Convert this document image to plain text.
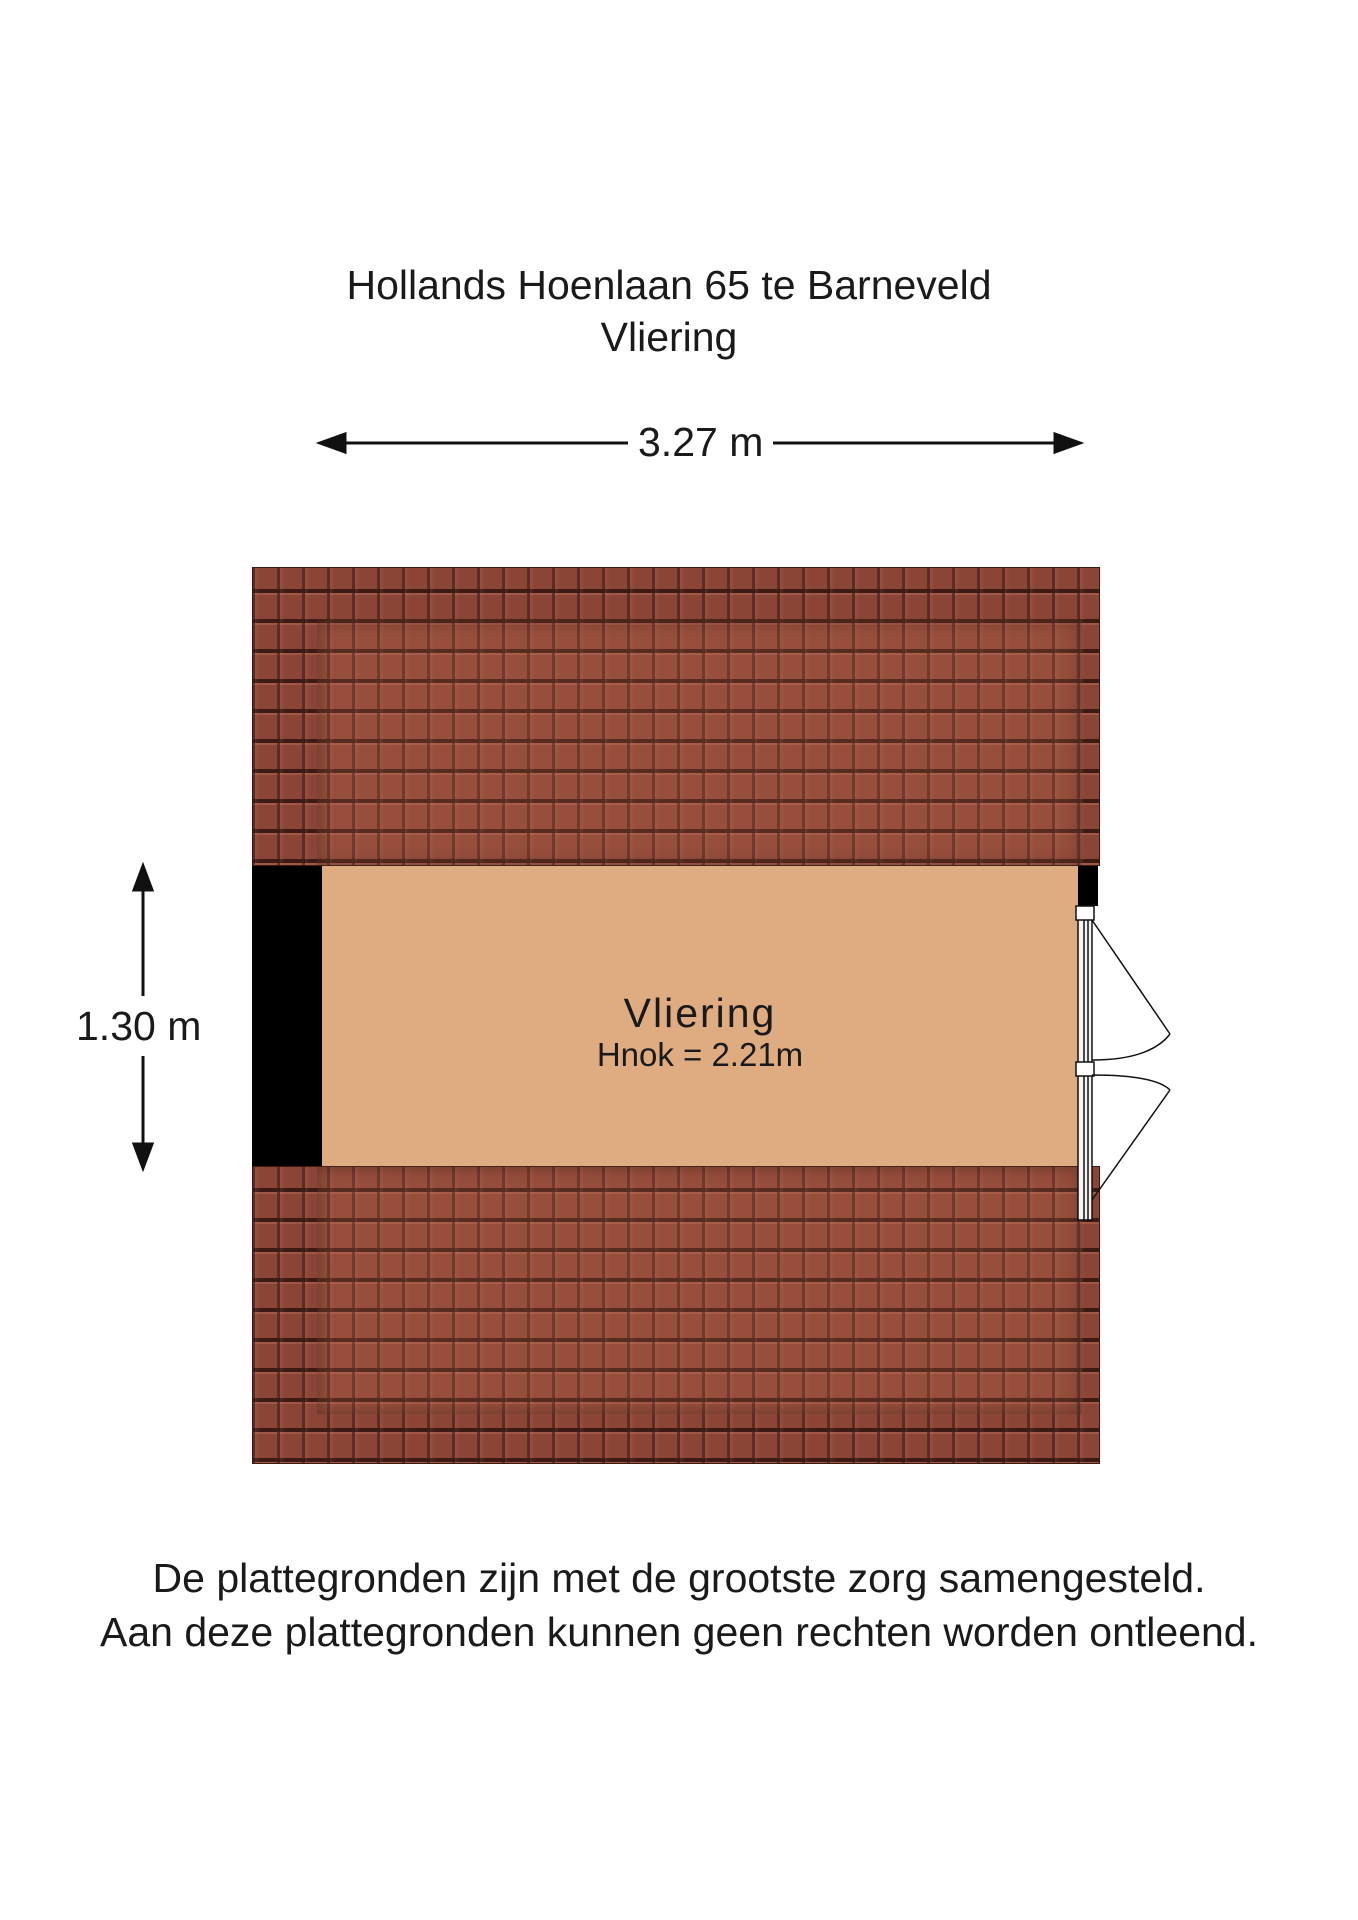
Hollands Hoenlaan 65 te Barneveld
Vliering
3.27 m
1.30 m	Vliering
Hnok = 2.21m
De plattegronden zijn met de grootste zorg samengesteld.
Aan deze plattegronden kunnen geen rechten worden ontleend.
